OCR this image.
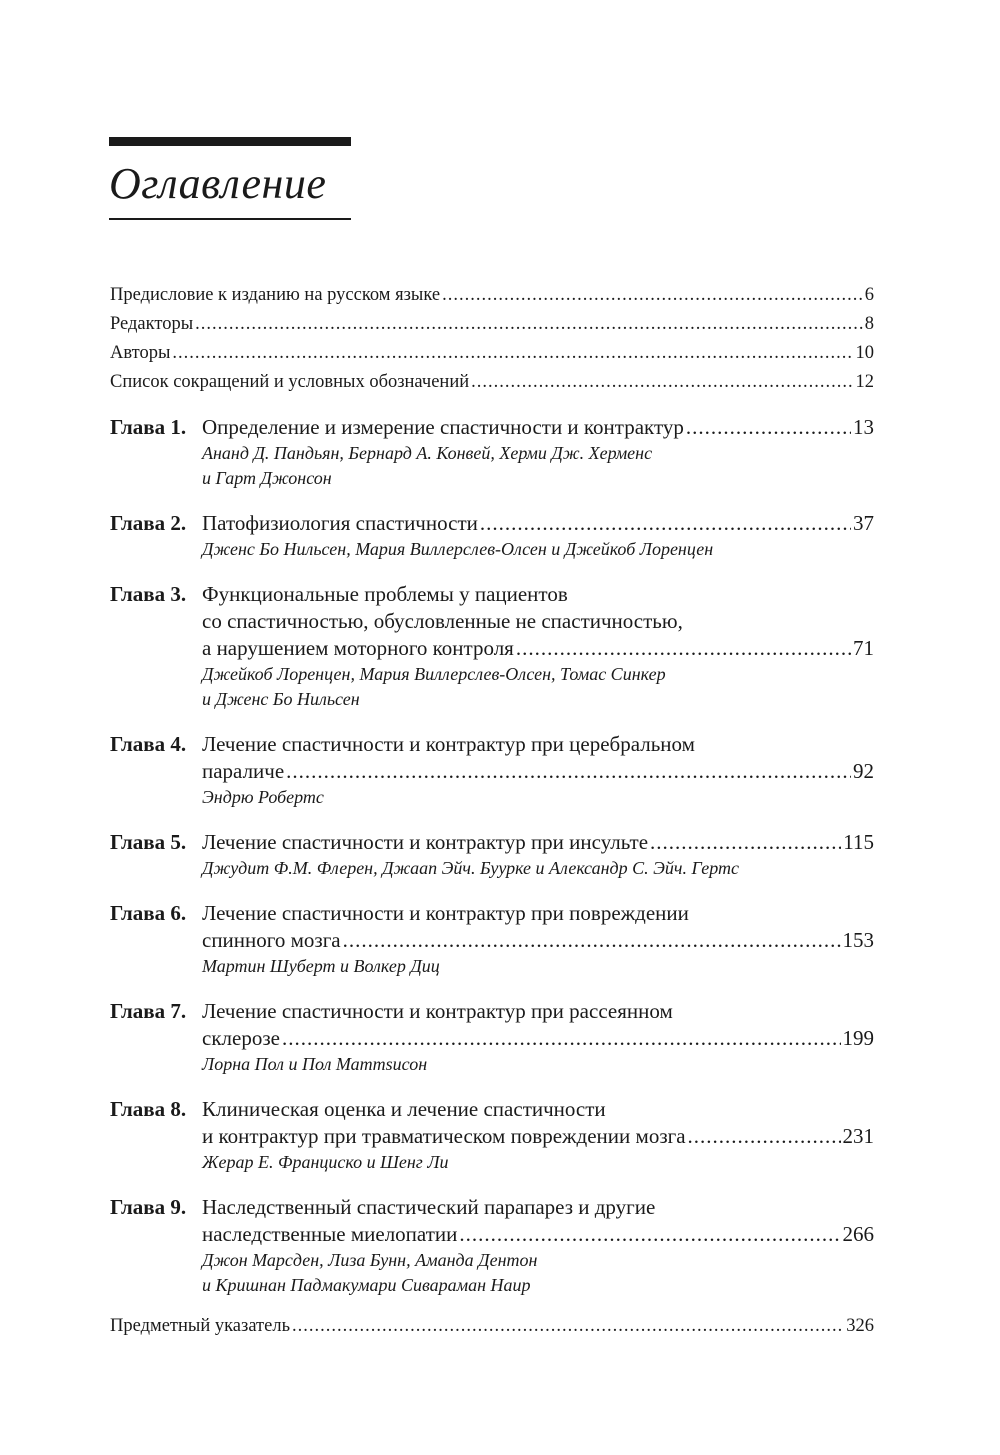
Оглавление
Предисловие к изданию на русском языке .....	6
Редакторы .....	8
Авторы .....	10
Список сокращений и условных обозначений .....	12
Глава 1. Определение и измерение спастичности и контрактур .....	13
Ананд Д. Пандьян, Бернард А. Конвей, Херми Дж. Херменс
и Гарт Джонсон
Глава 2. Патофизиология спастичности .....	37
Дженс Бо Нильсен, Мария Виллерслев-Олсен и Джейкоб Лоренцен
Глава 3. Функциональные проблемы у пациентов
со спастичностью, обусловленные не спастичностью,
а нарушением моторного контроля .....	71
Джейкоб Лоренцен, Мария Виллерслев-Олсен, Томас Синкер
и Дженс Бо Нильсен
Глава 4. Лечение спастичности и контрактур при церебральном
параличе .....	92
Эндрю Робертс
Глава 5. Лечение спастичности и контрактур при инсульте .....	115
Джудит Ф.М. Флерен, Джаап Эйч. Буурке и Александр С. Эйч. Гертс
Глава 6. Лечение спастичности и контрактур при повреждении
спинного мозга .....	153
Мартин Шуберт и Волкер Диц
Глава 7. Лечение спастичности и контрактур при рассеянном
склерозе .....	199
Лорна Пол и Пол Маттsисон
Глава 8. Клиническая оценка и лечение спастичности
и контрактур при травматическом повреждении мозга .....	231
Жерар Е. Франциско и Шенг Ли
Глава 9. Наследственный спастический парапарез и другие
наследственные миелопатии .....	266
Джон Марсден, Лиза Бунн, Аманда Дентон
и Кришнан Падмакумари Сивараман Наир
Предметный указатель .....	326
